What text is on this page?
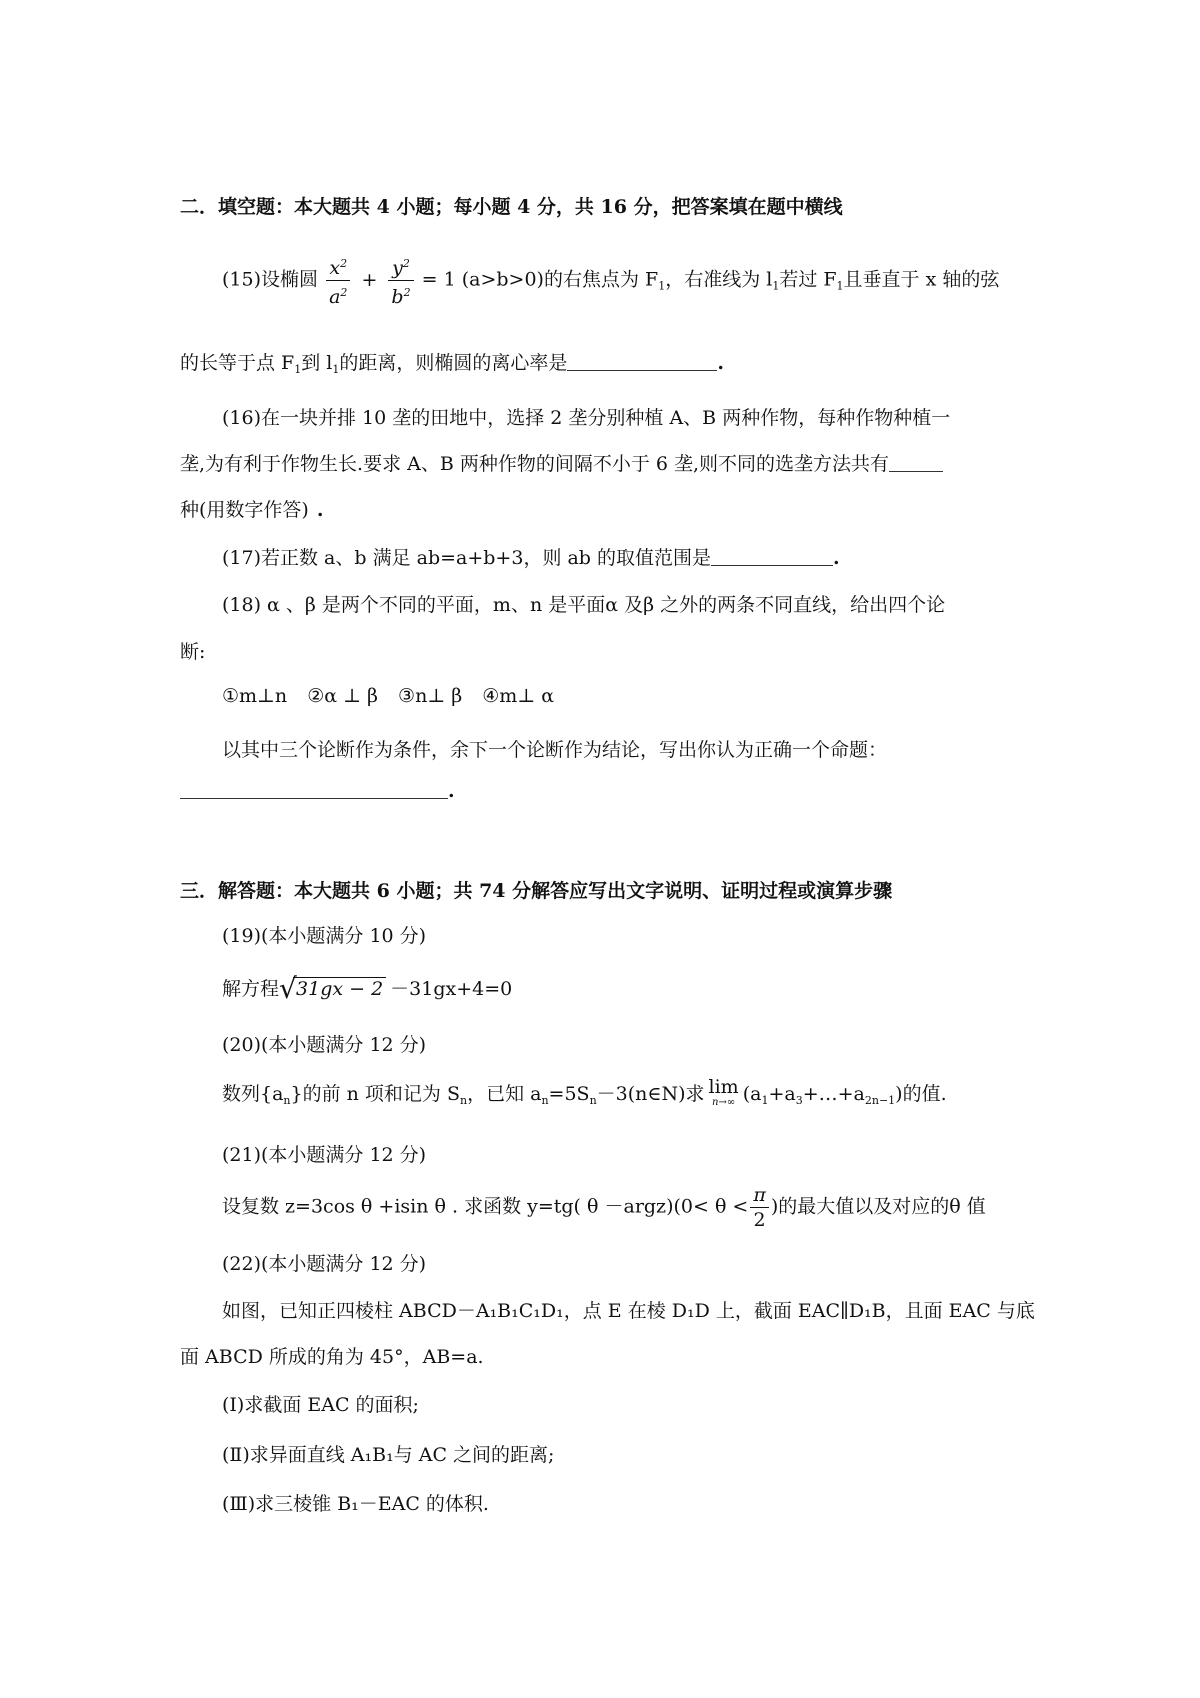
二．填空题：本大题共 4 小题；每小题 4 分，共 16 分，把答案填在题中横线
(15)设椭圆 $\frac{x^2}{a^2} + \frac{y^2}{b^2} = 1$ (a>b>0)的右焦点为 $F_1$，右准线为 $l_1$若过 $F_1$且垂直于 x 轴的弦
的长等于点 $F_1$到 $l_1$的距离，则椭圆的离心率是	.
(16)在一块并排 10 垄的田地中，选择 2 垄分别种植 A、B 两种作物，每种作物种植一
垄,为有利于作物生长.要求 A、B 两种作物的间隔不小于 6 垄,则不同的选垄方法共有
种(用数字作答) .
(17)若正数 a、b 满足 ab=a+b+3，则 ab 的取值范围是	.
(18) α 、β 是两个不同的平面，m、n 是平面α 及β 之外的两条不同直线，给出四个论
断:
①m⊥n ②α ⊥ β ③n⊥ β ④m⊥ α
以其中三个论断作为条件，余下一个论断作为结论，写出你认为正确一个命题：
.
三．解答题：本大题共 6 小题；共 74 分解答应写出文字说明、证明过程或演算步骤
(19)(本小题满分 10 分)
解方程 √ 31gx − 2 －31gx+4=0
(20)(本小题满分 12 分)
数列$\{a_n\}$的前 n 项和记为 $S_n$，已知 $a_n=5S_n-3(n\in N)$求 lim
n→∞ $(a_1+a_3+\dots+a_{2n-1})$的值.
(21)(本小题满分 12 分)
设复数 z=3cos θ +isin θ . 求函数 y=tg( θ －argz)(0< $\theta < \frac{\pi}{2}$ )的最大值以及对应的θ 值
(22)(本小题满分 12 分)
如图，已知正四棱柱 ABCD－A₁B₁C₁D₁，点 E 在棱 D₁D 上，截面 EAC∥D₁B，且面 EAC 与底
面 ABCD 所成的角为 45°，AB=a.
(Ⅰ)求截面 EAC 的面积;
(Ⅱ)求异面直线 A₁B₁与 AC 之间的距离;
(Ⅲ)求三棱锥 B₁－EAC 的体积.
